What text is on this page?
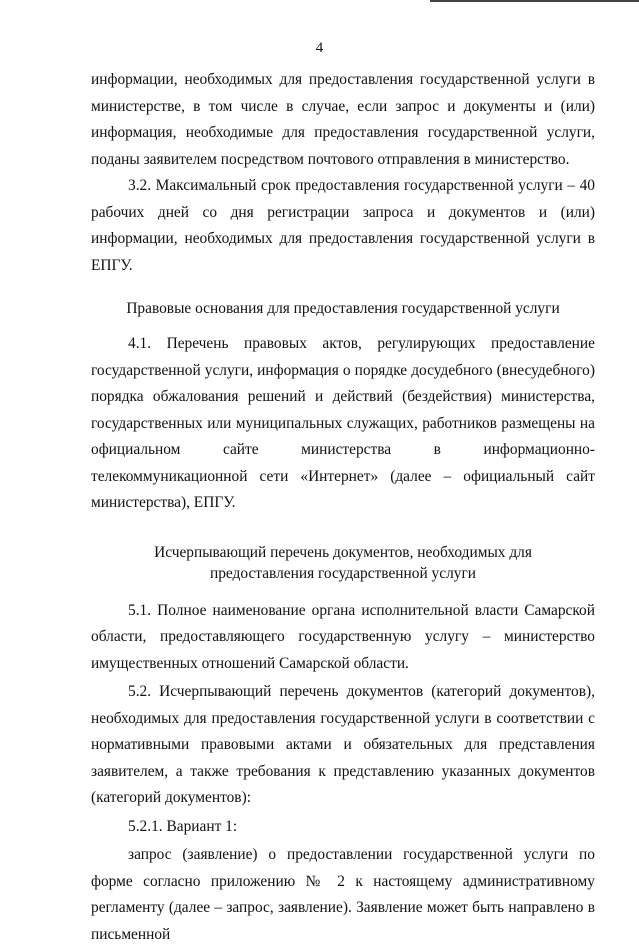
4

информации, необходимых для предоставления государственной услуги в министерстве, в том числе в случае, если запрос и документы и (или) информация, необходимые для предоставления государственной услуги, поданы заявителем посредством почтового отправления в министерство.

3.2. Максимальный срок предоставления государственной услуги – 40 рабочих дней со дня регистрации запроса и документов и (или) информации, необходимых для предоставления государственной услуги в ЕПГУ.

Правовые основания для предоставления государственной услуги

4.1. Перечень правовых актов, регулирующих предоставление государственной услуги, информация о порядке досудебного (внесудебного) порядка обжалования решений и действий (бездействия) министерства, государственных или муниципальных служащих, работников размещены на официальном сайте министерства в информационно-телекоммуникационной сети «Интернет» (далее – официальный сайт министерства), ЕПГУ.

Исчерпывающий перечень документов, необходимых для
предоставления государственной услуги

5.1. Полное наименование органа исполнительной власти Самарской области, предоставляющего государственную услугу – министерство имущественных отношений Самарской области.

5.2. Исчерпывающий перечень документов (категорий документов), необходимых для предоставления государственной услуги в соответствии с нормативными правовыми актами и обязательных для представления заявителем, а также требования к представлению указанных документов (категорий документов):

5.2.1. Вариант 1:

запрос (заявление) о предоставлении государственной услуги по форме согласно приложению № 2 к настоящему административному регламенту (далее – запрос, заявление). Заявление может быть направлено в письменной
